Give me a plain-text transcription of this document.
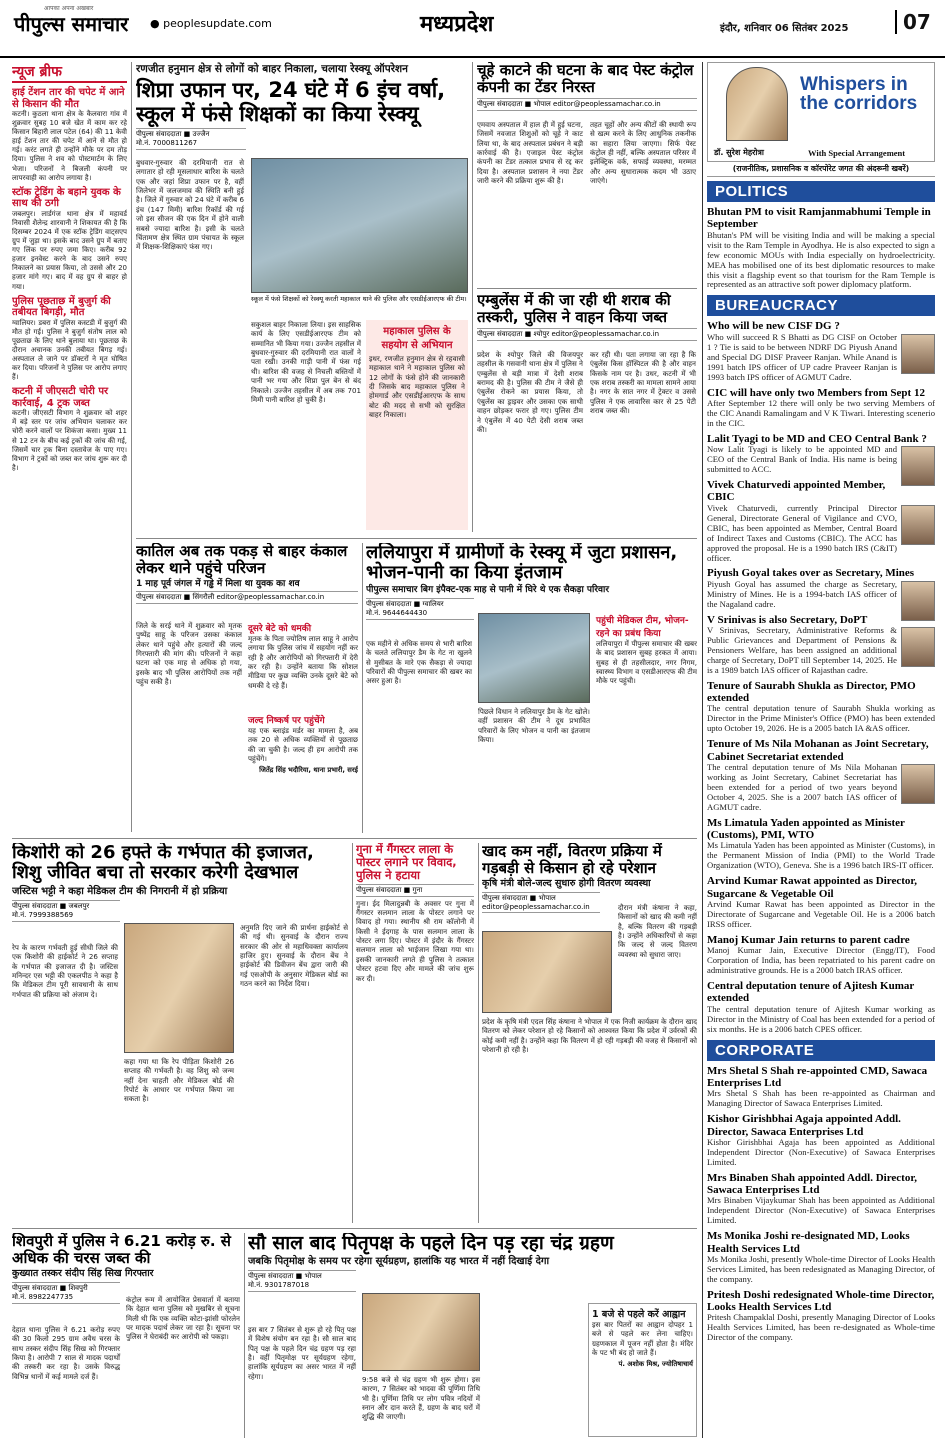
पीपुल्स समाचार
आपका अपना अखबार
● peoplesupdate.com	मध्यप्रदेश	इंदौर, शनिवार 06 सितंबर 2025	07
न्यूज ब्रीफ
हाई टेंशन तार की चपेट में आने से किसान की मौत

कटनी। कुठला थाना क्षेत्र के कैलवारा गांव में शुक्रवार सुबह 10 बजे खेत में काम कर रहे किसान बिहारी लाल पटेल (64) की 11 केवी हाई टेंशन तार की चपेट में आने से मौत हो गई। करंट लगते ही उन्होंने मौके पर दम तोड़ दिया। पुलिस ने शव को पोस्टमार्टम के लिए भेजा। परिजनों ने बिजली कंपनी पर लापरवाही का आरोप लगाया है।

स्टॉक ट्रेडिंग के बहाने युवक के साथ की ठगी

जबलपुर। लार्डगंज थाना क्षेत्र में महावर्ड निवासी शैलेन्द्र शारवानी ने शिकायत की है कि दिसम्बर 2024 में एक स्टॉक ट्रेडिंग वाट्सएप ग्रुप में जुड़ा था। इसके बाद उसने ग्रुप में बताए गए लिंक पर रुपए जमा किए। करीब 92 हजार इनवेस्ट करने के बाद उसने रुपए निकालने का प्रयास किया, तो उससे और 20 हजार मांगे गए। बाद में वह ग्रुप से बाहर हो गया।

पुलिस पूछताछ में बुजुर्ग की तबीयत बिगड़ी, मौत

ग्वालियर। डबरा में पुलिस कस्टडी में बुजुर्ग की मौत हो गई। पुलिस ने बुजुर्ग संतोष लाल को पूछताछ के लिए थाने बुलाया था। पूछताछ के दौरान अचानक उनकी तबीयत बिगड़ गई। अस्पताल ले जाने पर डॉक्टरों ने मृत घोषित कर दिया। परिजनों ने पुलिस पर आरोप लगाए हैं।

कटनी में जीएसटी चोरी पर कार्रवाई, 4 ट्रक जब्त

कटनी। जीएसटी विभाग ने शुक्रवार को शहर में बड़े स्तर पर जांच अभियान चलाकर कर चोरी करने वालों पर शिकंजा कसा। मुख्य 11 से 12 टन के बीच कई ट्रकों की जांच की गई, जिसमें चार ट्रक बिना दस्तावेज के पाए गए। विभाग ने ट्रकों को जब्त कर जांच शुरू कर दी है।

रणजीत हनुमान क्षेत्र से लोगों को बाहर निकाला, चलाया रेस्क्यू ऑपरेशन
शिप्रा उफान पर, 24 घंटे में 6 इंच वर्षा, स्कूल में फंसे शिक्षकों का किया रेस्क्यू
पीपुल्स संवाददाता ■ उज्जैन
मो.नं. 7000811267
बुधवार-गुरुवार की दरमियानी रात से लगातार हो रही मूसलाधार बारिश के चलते एक और जहां शिप्रा उफान पर है, वहीं जिलेभर में जलजमाव की स्थिति बनी हुई है। जिले में गुरुवार को 24 घंटे में करीब 6 इंच (147 मिमी) बारिश रिकॉर्ड की गई जो इस सीजन की एक दिन में होने वाली सबसे ज्यादा बारिश है। इसी के चलते चिंतामण क्षेत्र स्थित ग्राम पंचायत के स्कूल में शिक्षक-शिक्षिकाएं फंस गए।
स्कूल में फंसे शिक्षकों को रेस्क्यू करती महाकाल थाने की पुलिस और एसडीईआरएफ की टीम।
सकुशल बाहर निकाला लिया। इस साहसिक कार्य के लिए एसडीईआरएफ टीम को सम्मानित भी किया गया। उज्जैन तहसील में बुधवार-गुरुवार की दरमियानी रात वालों ने पता रखी। उनकी गाड़ी पानी में फंस गई थी। बारिश की वजह से निचली बस्तियों में पानी भर गया और शिप्रा पुल बेन से बंद निकाले। उज्जैन तहसील में अब तक 701 मिमी पानी बारिश हो चुकी है।
महाकाल पुलिस के सहयोग से अभियान
इधर, रणजीत हनुमान क्षेत्र से रहवासी महाकाल थाने ने महाकाल पुलिस को 12 लोगों के फंसे होने की जानकारी दी जिसके बाद महाकाल पुलिस ने होमगार्ड और एसडीईआरएफ के साथ बोट की मदद से सभी को सुरक्षित बाहर निकाला।
चूहे काटने की घटना के बाद पेस्ट कंट्रोल कंपनी का टेंडर निरस्त
पीपुल्स संवाददाता ■ भोपाल editor@peoplessamachar.co.in
एमवाय अस्पताल में हाल ही में हुई घटना, जिसमें नवजात शिशुओं को चूहे ने काट लिया था, के बाद अस्पताल प्रबंधन ने बड़ी कार्रवाई की है। एजाइल पेस्ट कंट्रोल कंपनी का टेंडर तत्काल प्रभाव से रद्द कर दिया है। अस्पताल प्रशासन ने नया टेंडर जारी करने की प्रक्रिया शुरू की है।
तहत चूहों और अन्य कीटों की स्थायी रूप से खत्म करने के लिए आधुनिक तकनीक का सहारा लिया जाएगा। सिर्फ पेस्ट कंट्रोल ही नहीं, बल्कि अस्पताल परिसर में इलेक्ट्रिक वर्क, सफाई व्यवस्था, मरम्मत और अन्य सुधारात्मक कदम भी उठाए जाएंगे।
एम्बुलेंस में की जा रही थी शराब की तस्करी, पुलिस ने वाहन किया जब्त
पीपुल्स संवाददाता ■ श्योपुर editor@peoplessamachar.co.in
प्रदेश के श्योपुर जिले की विजयपुर तहसील के गसवानी थाना क्षेत्र में पुलिस ने एम्बुलेंस से बड़ी मात्रा में देशी शराब बरामद की है। पुलिस की टीम ने जैसे ही एंबुलेंस रोकने का प्रयास किया, तो एंबुलेंस का ड्राइवर और उसका एक साथी वाहन छोड़कर फरार हो गए। पुलिस टीम ने एंबुलेंस में 40 पेटी देसी शराब जब्त की।
कर रही थी। पता लगाया जा रहा है कि एंबुलेंस किस हॉस्पिटल की है और वाहन किसके नाम पर है। उधर, कटनी में भी एक शराब तस्करी का मामला सामने आया है। नगर के सात नगर में ट्रेक्टर व उससे पुलिस ने एक लावारिस कार से 25 पेटी शराब जब्त की।
कातिल अब तक पकड़ से बाहर कंकाल लेकर थाने पहुंचे परिजन
1 माह पूर्व जंगल में गड्ढे में मिला था युवक का शव
पीपुल्स संवाददाता ■ सिंगरौली editor@peoplessamachar.co.in
जिले के सरई थाने में शुक्रवार को मृतक पुष्पेंद्र साहू के परिजन उसका कंकाल लेकर थाने पहुंचे और हत्यारों की जल्द गिरफ्तारी की मांग की। परिजनों ने कहा घटना को एक माह से अधिक हो गया, इसके बाद भी पुलिस आरोपियों तक नहीं पहुंच सकी है।
दूसरे बेटे को धमकी
मृतक के पिता ज्योतिष लाल साहू ने आरोप लगाया कि पुलिस जांच में सहयोग नहीं कर रही है और आरोपियों को गिरफ्तारी में देरी कर रही है। उन्होंने बताया कि सोशल मीडिया पर कुछ व्यक्ति उनके दूसरे बेटे को धमकी दे रहे हैं।
जल्द निष्कर्ष पर पहुंचेंगे
यह एक ब्लाइंड मर्डर का मामला है, अब तक 20 से अधिक व्यक्तियों से पूछताछ की जा चुकी है। जल्द ही हम आरोपी तक पहुंचेंगे।
जितेंद्र सिंह भदौरिया, थाना प्रभारी, सरई
ललियापुरा में ग्रामीणों के रेस्क्यू में जुटा प्रशासन, भोजन-पानी का किया इंतजाम
पीपुल्स समाचार बिग इंपैक्ट-एक माह से पानी में घिरे थे एक सैकड़ा परिवार
पीपुल्स संवाददाता ■ ग्वालियर
मो.नं. 9644644430
एक महीने से अधिक समय से भारी बारिश के चलते ललियापुर डैम के गेट ना खुलने से मुसीबत के मारे एक सैकड़ा से ज्यादा परिवारों की पीपुल्स समाचार की खबर का असर हुआ है।
पिछले विधान ने ललियापुर डैम के गेट खोले। वहीं प्रशासन की टीम ने दूध प्रभावित परिवारों के लिए भोजन व पानी का इंतजाम किया।
पहुंची मेडिकल टीम, भोजन-रहने का प्रबंध किया
ललियापुरा में पीपुल्स समाचार की खबर के बाद प्रशासन सुबह हरकत में आया। सुबह से ही तहसीलदार, नगर निगम, स्वास्थ्य विभाग व एसडीआरएफ की टीम मौके पर पहुंची।
किशोरी को 26 हफ्ते के गर्भपात की इजाजत, शिशु जीवित बचा तो सरकार करेगी देखभाल
जस्टिस भट्टी ने कहा मेडिकल टीम की निगरानी में हो प्रक्रिया
पीपुल्स संवाददाता ■ जबलपुर
मो.नं. 7999388569
रेप के कारण गर्भवती हुई सीधी जिले की एक किशोरी की हाईकोर्ट ने 26 सप्ताह के गर्भपात की इजाजत दी है। जस्टिस मनिन्दर एस भट्टी की एकलपीठ ने कहा है कि मेडिकल टीम पूरी सावधानी के साथ गर्भपात की प्रक्रिया को अंजाम दे।
कहा गया था कि रेप पीड़िता किशोरी 26 सप्ताह की गर्भवती है। वह शिशु को जन्म नहीं देना चाहती और मेडिकल बोर्ड की रिपोर्ट के आधार पर गर्भपात किया जा सकता है।
अनुमति दिए जाने की प्रार्थना हाईकोर्ट से की गई थी। सुनवाई के दौरान राज्य सरकार की ओर से महाधिवक्ता कार्यालय हाजिर हुए। सुनवाई के दौरान बेंच ने हाईकोर्ट की डिवीजन बेंच द्वारा जारी की गई एसओपी के अनुसार मेडिकल बोर्ड का गठन करने का निर्देश दिया।
गुना में गैंगस्टर लाला के पोस्टर लगाने पर विवाद, पुलिस ने हटाया
पीपुल्स संवाददाता ■ गुना
गुना। ईद मिलादुन्नबी के अवसर पर गुना में गैंगस्टर सलमान लाला के पोस्टर लगाने पर विवाद हो गया। स्थानीय श्री राम कॉलोनी में किसी ने ईदगाह के पास सलमान लाला के पोस्टर लगा दिए। पोस्टर में इंदौर के गैंगस्टर सलमान लाला को भाईजान लिखा गया था। इसकी जानकारी लगते ही पुलिस ने तत्काल पोस्टर हटवा दिए और मामले की जांच शुरू कर दी।
खाद कम नहीं, वितरण प्रक्रिया में गड़बड़ी से किसान हो रहे परेशान
कृषि मंत्री बोले-जल्द सुधारु होगी वितरण व्यवस्था
पीपुल्स संवाददाता ■ भोपाल
editor@peoplessamachar.co.in	दौरान मंत्री कंषाना ने कहा, किसानों को खाद की कमी नहीं है, बल्कि वितरण की गड़बड़ी है। उन्होंने अधिकारियों से कहा कि जल्द से जल्द वितरण व्यवस्था को सुधारा जाए।
प्रदेश के कृषि मंत्री एदल सिंह कंषाना ने भोपाल में एक निजी कार्यक्रम के दौरान खाद वितरण को लेकर परेशान हो रहे किसानों को आश्वस्त किया कि प्रदेश में उर्वरकों की कोई कमी नहीं है। उन्होंने कहा कि वितरण में हो रही गड़बड़ी की वजह से किसानों को परेशानी हो रही है।
शिवपुरी में पुलिस ने 6.21 करोड़ रु. से अधिक की चरस जब्त की
कुख्यात तस्कर संदीप सिंह सिख गिरफ्तार
पीपुल्स संवाददाता ■ शिवपुरी
मो.नं. 8982247735
देहात थाना पुलिस ने 6.21 करोड़ रुपए की 30 किलो 295 ग्राम अवैध चरस के साथ तस्कर संदीप सिंह सिख को गिरफ्तार किया है। आरोपी 7 साल से मादक पदार्थों की तस्करी कर रहा है। उसके विरुद्ध विभिन्न थानों में कई मामले दर्ज हैं।
कंट्रोल रूम में आयोजित प्रेसवार्ता में बताया कि देहात थाना पुलिस को मुखबिर से सूचना मिली थी कि एक व्यक्ति कोटा-झांसी फोरलेन पर मादक पदार्थ लेकर जा रहा है। सूचना पर पुलिस ने घेराबंदी कर आरोपी को पकड़ा।
सौ साल बाद पितृपक्ष के पहले दिन पड़ रहा चंद्र ग्रहण
जबकि पितृमोक्ष के समय पर रहेगा सूर्यग्रहण, हालांकि यह भारत में नहीं दिखाई देगा
पीपुल्स संवाददाता ■ भोपाल
मो.नं. 9301787018
इस बार 7 सितंबर से शुरू हो रहे पितृ पक्ष में विशेष संयोग बन रहा है। सौ साल बाद पितृ पक्ष के पहले दिन चंद्र ग्रहण पड़ रहा है। वहीं पितृमोक्ष पर सूर्यग्रहण रहेगा, हालांकि सूर्यग्रहण का असर भारत में नहीं रहेगा।	9:58 बजे से चंद्र ग्रहण भी शुरू होगा। इस कारण, 7 सितंबर को भादवा की पूर्णिमा तिथि भी है। पूर्णिमा तिथि पर लोग पवित्र नदियों में स्नान और दान करते हैं, ग्रहण के बाद घरों में शुद्धि की जाएगी।
1 बजे से पहले करें आह्वान
इस बार पितरों का आह्वान दोपहर 1 बजे से पहले कर लेना चाहिए। ग्रहणकाल में पूजन नहीं होता है। मंदिर के पट भी बंद हो जाते हैं।
पं. अशोक मिश्र, ज्योतिषाचार्य
Whispers in the corridors
डॉ. सुरेश मेहरोत्रा	With Special Arrangement
(राजनीतिक, प्रशासनिक व कॉरपोरेट जगत की अंदरूनी खबरें)
POLITICS
Bhutan PM to visit Ramjanmabhumi Temple in September
Bhutan's PM will be visiting India and will be making a special visit to the Ram Temple in Ayodhya. He is also expected to sign a few economic MOUs with India especially on hydroelectricity. MEA has mobilised one of its best diplomatic resources to make this visit a flagship event so that tourism for the Ram Temple is represented as an attractive soft power diplomacy platform.
BUREAUCRACY
Who will be new CISF DG ?
Who will succeed R S Bhatti as DG CISF on October 1 ? Tie is said to be between NDRF DG Piyush Anand and Special DG DISF Praveer Ranjan. While Anand is 1991 batch IPS officer of UP cadre Praveer Ranjan is 1993 batch IPS officer of AGMUT Cadre.
CIC will have only two Members from Sept 12
After September 12 there will only be two serving Members of the CIC Anandi Ramalingam and V K Tiwari. Interesting scenerio in the CIC.
Lalit Tyagi to be MD and CEO Central Bank ?
Now Lalit Tyagi is likely to be appointed MD and CEO of the Central Bank of India. His name is being submitted to ACC.
Vivek Chaturvedi appointed Member, CBIC
Vivek Chaturvedi, currently Principal Director General, Directorate General of Vigilance and CVO, CBIC, has been appointed as Member, Central Board of Indirect Taxes and Customs (CBIC). The ACC has approved the proposal. He is a 1990 batch IRS (C&IT) officer.
Piyush Goyal takes over as Secretary, Mines
Piyush Goyal has assumed the charge as Secretary, Ministry of Mines. He is a 1994-batch IAS officer of the Nagaland cadre.
V Srinivas is also Secretary, DoPT
V Srinivas, Secretary, Administrative Reforms & Public Grievances and Department of Pensions & Pensioners Welfare, has been assigned an additional charge of Secretary, DoPT till September 14, 2025. He is a 1989 batch IAS officer of Rajasthan cadre.
Tenure of Saurabh Shukla as Director, PMO extended
The central deputation tenure of Saurabh Shukla working as Director in the Prime Minister's Office (PMO) has been extended upto October 19, 2026. He is a 2005 batch IA &AS officer.
Tenure of Ms Nila Mohanan as Joint Secretary, Cabinet Secretariat extended
The central deputation tenure of Ms Nila Mohanan working as Joint Secretary, Cabinet Secretariat has been extended for a period of two years beyond October 4, 2025. She is a 2007 batch IAS officer of AGMUT cadre.
Ms Limatula Yaden appointed as Minister (Customs), PMI, WTO
Ms Limatula Yaden has been appointed as Minister (Customs), in the Permanent Mission of India (PMI) to the World Trade Organization (WTO), Geneva. She is a 1996 batch IRS-IT officer.
Arvind Kumar Rawat appointed as Director, Sugarcane & Vegetable Oil
Arvind Kumar Rawat has been appointed as Director in the Directorate of Sugarcane and Vegetable Oil. He is a 2006 batch IRSS officer.
Manoj Kumar Jain returns to parent cadre
Manoj Kumar Jain, Executive Director (Engg/IT), Food Corporation of India, has been repatriated to his parent cadre on administrative grounds. He is a 2000 batch IRAS officer.
Central deputation tenure of Ajitesh Kumar extended
The central deputation tenure of Ajitesh Kumar working as Director in the Ministry of Coal has been extended for a period of six months. He is a 2006 batch CPES officer.
CORPORATE
Mrs Shetal S Shah re-appointed CMD, Sawaca Enterprises Ltd
Mrs Shetal S Shah has been re-appointed as Chairman and Managing Director of Sawaca Enterprises Limited.
Kishor Girishbhai Agaja appointed Addl. Director, Sawaca Enterprises Ltd
Kishor Girishbhai Agaja has been appointed as Additional Independent Director (Non-Executive) of Sawaca Enterprises Limited.
Mrs Binaben Shah appointed Addl. Director, Sawaca Enterprises Ltd
Mrs Binaben Vijaykumar Shah has been appointed as Additional Independent Director (Non-Executive) of Sawaca Enterprises Limited.
Ms Monika Joshi re-designated MD, Looks Health Services Ltd
Ms Monika Joshi, presently Whole-time Director of Looks Health Services Limited, has been redesignated as Managing Director, of the company.
Pritesh Doshi redesignated Whole-time Director, Looks Health Services Ltd
Pritesh Champaklal Doshi, presently Managing Director of Looks Health Services Limited, has been re-designated as Whole-time Director of the company.
